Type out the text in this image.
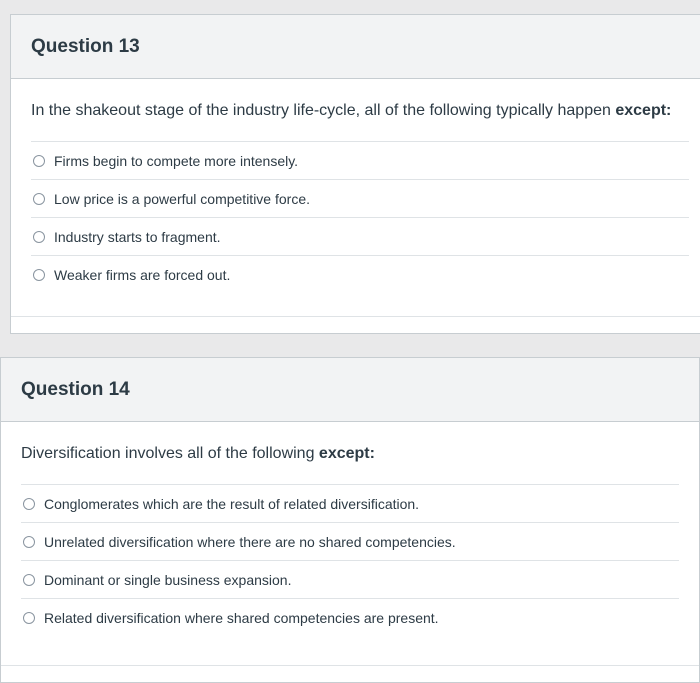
Question 13
In the shakeout stage of the industry life-cycle, all of the following typically happen except:
Firms begin to compete more intensely.
Low price is a powerful competitive force.
Industry starts to fragment.
Weaker firms are forced out.
Question 14
Diversification involves all of the following except:
Conglomerates which are the result of related diversification.
Unrelated diversification where there are no shared competencies.
Dominant or single business expansion.
Related diversification where shared competencies are present.
